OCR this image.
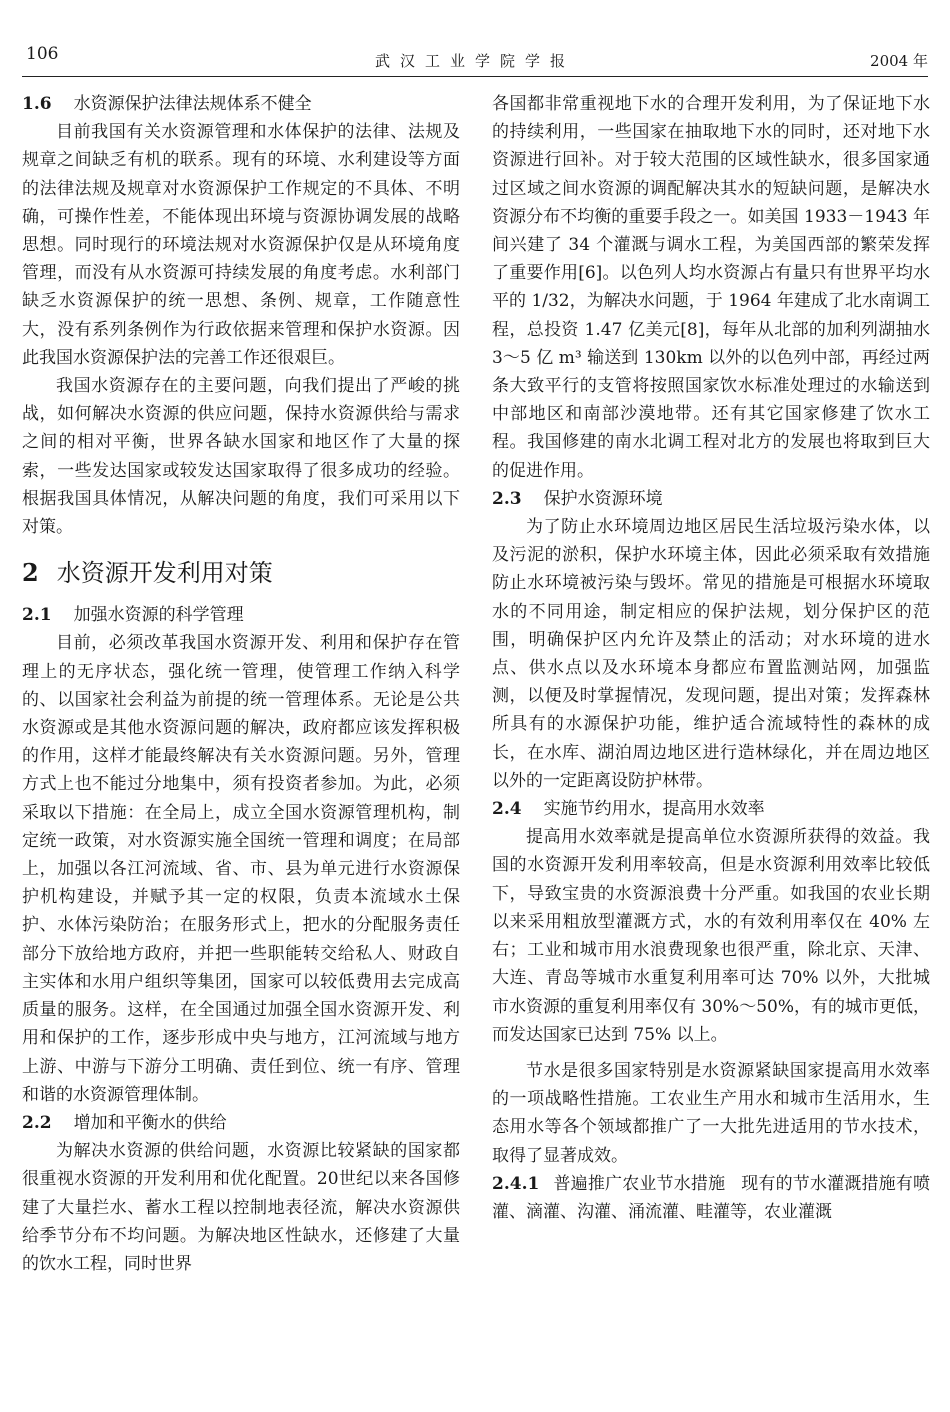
106	武汉工业学院学报	2004 年
1.6 水资源保护法律法规体系不健全

目前我国有关水资源管理和水体保护的法律、法规及规章之间缺乏有机的联系。现有的环境、水利建设等方面的法律法规及规章对水资源保护工作规定的不具体、不明确，可操作性差，不能体现出环境与资源协调发展的战略思想。同时现行的环境法规对水资源保护仅是从环境角度管理，而没有从水资源可持续发展的角度考虑。水利部门缺乏水资源保护的统一思想、条例、规章，工作随意性大，没有系列条例作为行政依据来管理和保护水资源。因此我国水资源保护法的完善工作还很艰巨。

我国水资源存在的主要问题，向我们提出了严峻的挑战，如何解决水资源的供应问题，保持水资源供给与需求之间的相对平衡，世界各缺水国家和地区作了大量的探索，一些发达国家或较发达国家取得了很多成功的经验。根据我国具体情况，从解决问题的角度，我们可采用以下对策。

2 水资源开发利用对策
2.1 加强水资源的科学管理

目前，必须改革我国水资源开发、利用和保护存在管理上的无序状态，强化统一管理，使管理工作纳入科学的、以国家社会利益为前提的统一管理体系。无论是公共水资源或是其他水资源问题的解决，政府都应该发挥积极的作用，这样才能最终解决有关水资源问题。另外，管理方式上也不能过分地集中，须有投资者参加。为此，必须采取以下措施：在全局上，成立全国水资源管理机构，制定统一政策，对水资源实施全国统一管理和调度；在局部上，加强以各江河流域、省、市、县为单元进行水资源保护机构建设，并赋予其一定的权限，负责本流域水土保护、水体污染防治；在服务形式上，把水的分配服务责任部分下放给地方政府，并把一些职能转交给私人、财政自主实体和水用户组织等集团，国家可以较低费用去完成高质量的服务。这样，在全国通过加强全国水资源开发、利用和保护的工作，逐步形成中央与地方，江河流域与地方上游、中游与下游分工明确、责任到位、统一有序、管理和谐的水资源管理体制。

2.2 增加和平衡水的供给

为解决水资源的供给问题，水资源比较紧缺的国家都很重视水资源的开发利用和优化配置。20世纪以来各国修建了大量拦水、蓄水工程以控制地表径流，解决水资源供给季节分布不均问题。为解决地区性缺水，还修建了大量的饮水工程，同时世界

各国都非常重视地下水的合理开发利用，为了保证地下水的持续利用，一些国家在抽取地下水的同时，还对地下水资源进行回补。对于较大范围的区域性缺水，很多国家通过区域之间水资源的调配解决其水的短缺问题，是解决水资源分布不均衡的重要手段之一。如美国 1933－1943 年间兴建了 34 个灌溉与调水工程，为美国西部的繁荣发挥了重要作用[6]。以色列人均水资源占有量只有世界平均水平的 1/32，为解决水问题，于 1964 年建成了北水南调工程，总投资 1.47 亿美元[8]，每年从北部的加利列湖抽水 3～5 亿 m³ 输送到 130km 以外的以色列中部，再经过两条大致平行的支管将按照国家饮水标准处理过的水输送到中部地区和南部沙漠地带。还有其它国家修建了饮水工程。我国修建的南水北调工程对北方的发展也将取到巨大的促进作用。

2.3 保护水资源环境

为了防止水环境周边地区居民生活垃圾污染水体，以及污泥的淤积，保护水环境主体，因此必须采取有效措施防止水环境被污染与毁坏。常见的措施是可根据水环境取水的不同用途，制定相应的保护法规，划分保护区的范围，明确保护区内允许及禁止的活动；对水环境的进水点、供水点以及水环境本身都应布置监测站网，加强监测，以便及时掌握情况，发现问题，提出对策；发挥森林所具有的水源保护功能，维护适合流域特性的森林的成长，在水库、湖泊周边地区进行造林绿化，并在周边地区以外的一定距离设防护林带。

2.4 实施节约用水，提高用水效率

提高用水效率就是提高单位水资源所获得的效益。我国的水资源开发利用率较高，但是水资源利用效率比较低下，导致宝贵的水资源浪费十分严重。如我国的农业长期以来采用粗放型灌溉方式，水的有效利用率仅在 40% 左右；工业和城市用水浪费现象也很严重，除北京、天津、大连、青岛等城市水重复利用率可达 70% 以外，大批城市水资源的重复利用率仅有 30%～50%，有的城市更低，而发达国家已达到 75% 以上。

节水是很多国家特别是水资源紧缺国家提高用水效率的一项战略性措施。工农业生产用水和城市生活用水，生态用水等各个领域都推广了一大批先进适用的节水技术，取得了显著成效。

2.4.1 普遍推广农业节水措施 现有的节水灌溉措施有喷灌、滴灌、沟灌、涌流灌、畦灌等，农业灌溉
